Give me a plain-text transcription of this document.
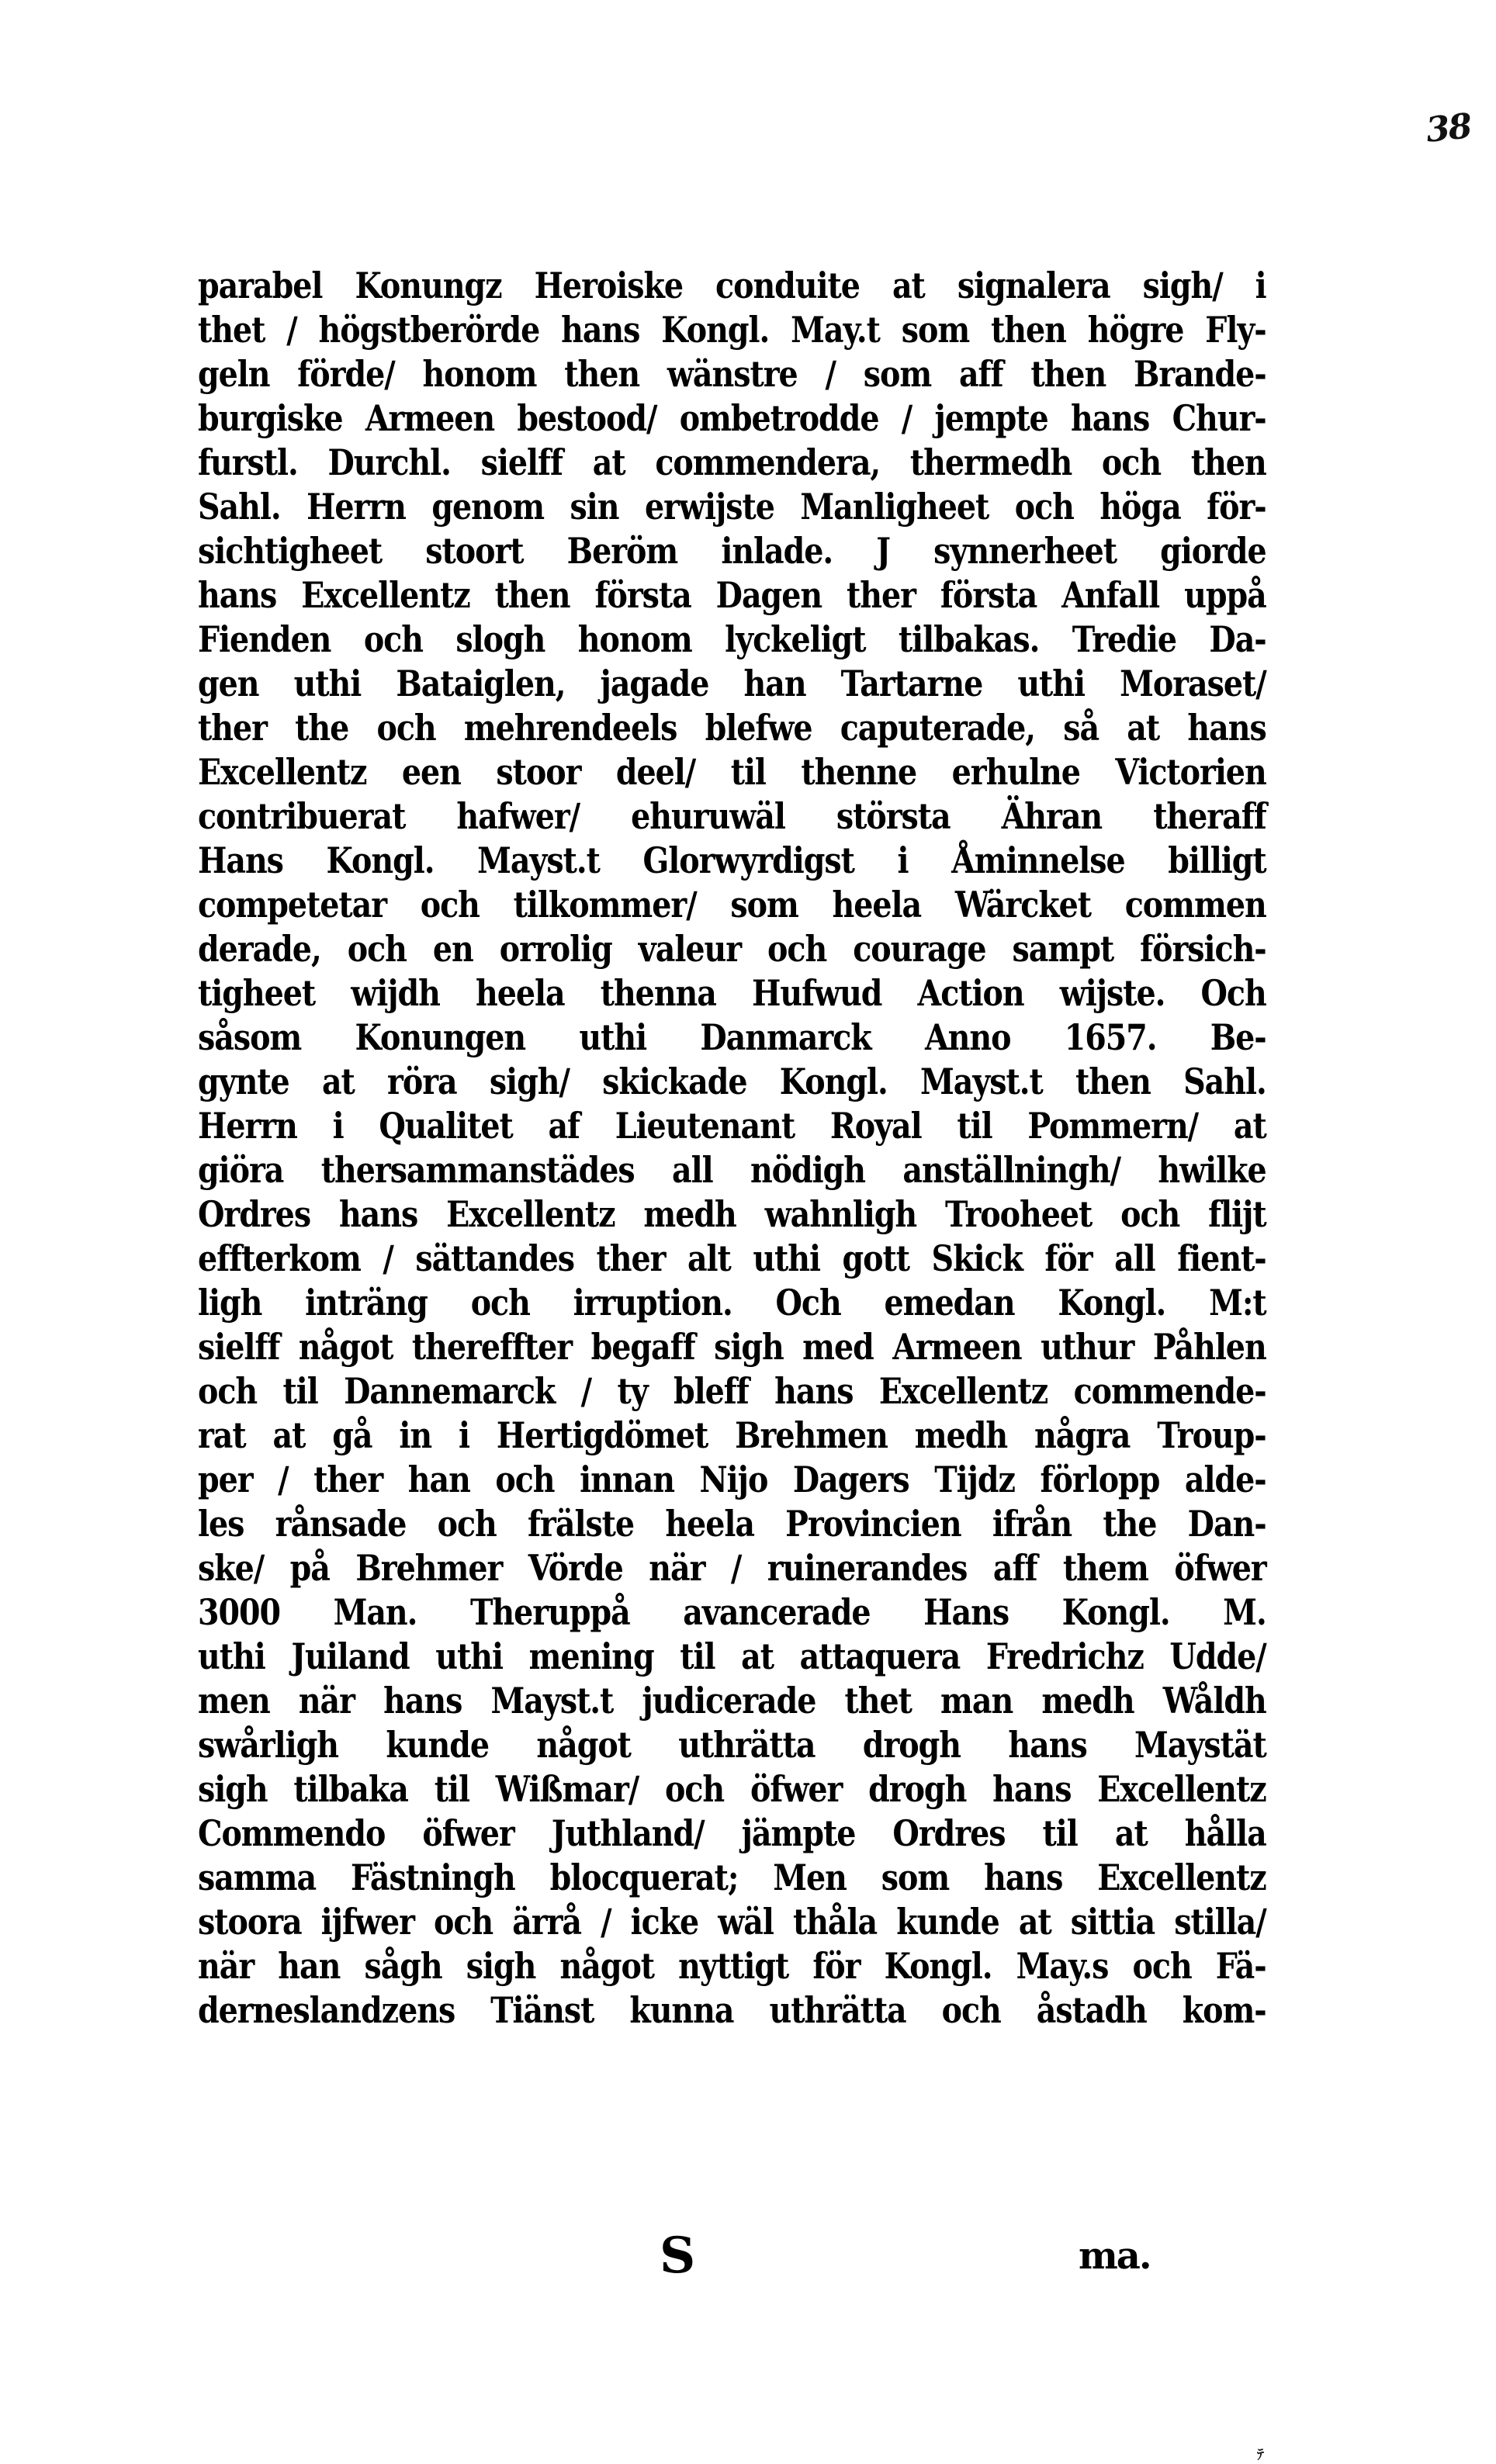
38
parabel Konungz Heroiske conduite at signalera sigh/ i
thet / högstberörde hans Kongl. May.t som then högre Fly-
geln förde/ honom then wänstre / som aff then Brande-
burgiske Armeen bestood/ ombetrodde / jempte hans Chur-
furstl. Durchl. sielff at commendera, thermedh och then
Sahl. Herrn genom sin erwijste Manligheet och höga för-
sichtigheet stoort Beröm inlade. J synnerheet giorde
hans Excellentz then första Dagen ther första Anfall uppå
Fienden och slogh honom lyckeligt tilbakas. Tredie Da-
gen uthi Bataiglen, jagade han Tartarne uthi Moraset/
ther the och mehrendeels blefwe caputerade, så at hans
Excellentz een stoor deel/ til thenne erhulne Victorien
contribuerat hafwer/ ehuruwäl största Ähran theraff
Hans Kongl. Mayst.t Glorwyrdigst i Åminnelse billigt
competetar och tilkommer/ som heela Wärcket commen
derade, och en orrolig valeur och courage sampt försich-
tigheet wijdh heela thenna Hufwud Action wijste. Och
såsom Konungen uthi Danmarck Anno 1657. Be-
gynte at röra sigh/ skickade Kongl. Mayst.t then Sahl.
Herrn i Qualitet af Lieutenant Royal til Pommern/ at
giöra thersammanstädes all nödigh anställningh/ hwilke
Ordres hans Excellentz medh wahnligh Trooheet och flijt
effterkom / sättandes ther alt uthi gott Skick för all fient-
ligh inträng och irruption. Och emedan Kongl. M:t
sielff något thereffter begaff sigh med Armeen uthur Påhlen
och til Dannemarck / ty bleff hans Excellentz commende-
rat at gå in i Hertigdömet Brehmen medh några Troup-
per / ther han och innan Nijo Dagers Tijdz förlopp alde-
les rånsade och frälste heela Provincien ifrån the Dan-
ske/ på Brehmer Vörde när / ruinerandes aff them öfwer
3000 Man. Theruppå avancerade Hans Kongl. M.
uthi Juiland uthi mening til at attaquera Fredrichz Udde/
men när hans Mayst.t judicerade thet man medh Wåldh
swårligh kunde något uthrätta drogh hans Maystät
sigh tilbaka til Wißmar/ och öfwer drogh hans Excellentz
Commendo öfwer Juthland/ jämpte Ordres til at hålla
samma Fästningh blocquerat; Men som hans Excellentz
stoora ijfwer och ärrå / icke wäl thåla kunde at sittia stilla/
när han sågh sigh något nyttigt för Kongl. May.s och Fä-
derneslandzens Tiänst kunna uthrätta och åstadh kom-
S	ma.
ﾃ
